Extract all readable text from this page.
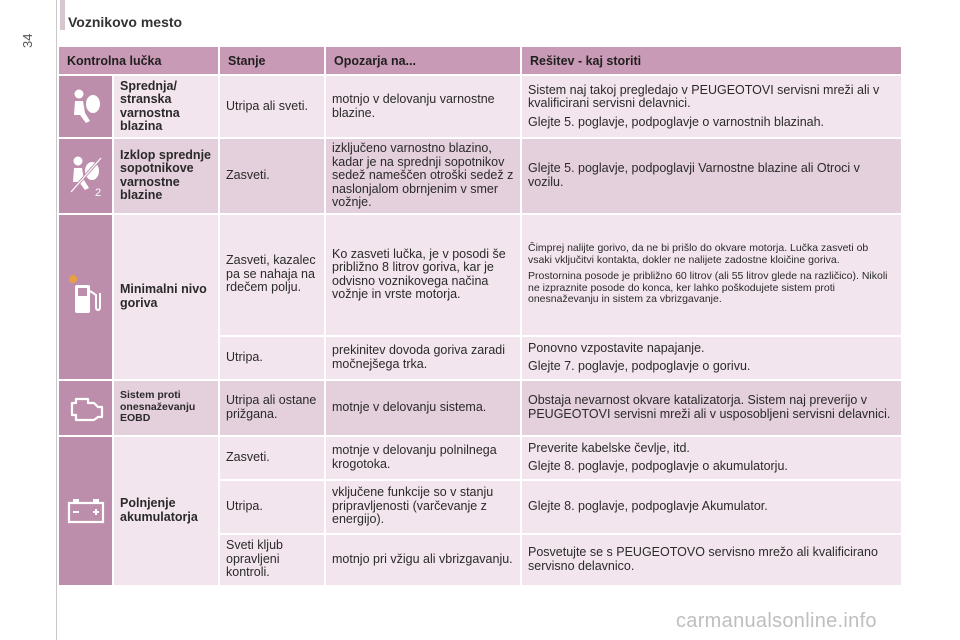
34
Voznikovo mesto
Kontrolna lučka		Stanje	Opozarja na...	Rešitev - kaj storiti

	Sprednja/ stranska varnostna blazina	Utripa ali sveti.	motnjo v delovanju varnostne blazine.	Sistem naj takoj pregledajo v PEUGEOTOVI servisni mreži ali v kvalificirani servisni delavnici.

Glejte 5. poglavje, podpoglavje o varnostnih blazinah.

2	Izklop sprednje sopotnikove varnostne blazine	Zasveti.	izključeno varnostno blazino, kadar je na sprednji sopotnikov sedež nameščen otroški sedež z naslonjalom obrnjenim v smer vožnje.	Glejte 5. poglavje, podpoglavji Varnostne blazine ali Otroci v vozilu.

	Minimalni nivo goriva	Zasveti, kazalec pa se nahaja na rdečem polju.	Ko zasveti lučka, je v posodi še približno 8 litrov goriva, kar je odvisno voznikovega načina vožnje in vrste motorja.	Čimprej nalijte gorivo, da ne bi prišlo do okvare motorja. Lučka zasveti ob vsaki vključitvi kontakta, dokler ne nalijete zadostne kloičine goriva.

Prostornina posode je približno 60 litrov (ali 55 litrov glede na različico). Nikoli ne izpraznite posode do konca, ker lahko poškodujete sistem proti onesnaževanju in sistem za vbrizgavanje.

		Utripa.	prekinitev dovoda goriva zaradi močnejšega trka.	Ponovno vzpostavite napajanje.

Glejte 7. poglavje, podpoglavje o gorivu.

	Sistem proti onesnaževanju EOBD	Utripa ali ostane prižgana.	motnje v delovanju sistema.	Obstaja nevarnost okvare katalizatorja. Sistem naj preverijo v PEUGEOTOVI servisni mreži ali v usposobljeni servisni delavnici.

	Polnjenje akumulatorja	Zasveti.	motnje v delovanju polnilnega krogotoka.	Preverite kabelske čevlje, itd.

Glejte 8. poglavje, podpoglavje o akumulatorju.

		Utripa.	vključene funkcije so v stanju pripravljenosti (varčevanje z energijo).	Glejte 8. poglavje, podpoglavje Akumulator.

		Sveti kljub opravljeni kontroli.	motnjo pri vžigu ali vbrizgavanju.	Posvetujte se s PEUGEOTOVO servisno mrežo ali kvalificirano servisno delavnico.

carmanualsonline.info
